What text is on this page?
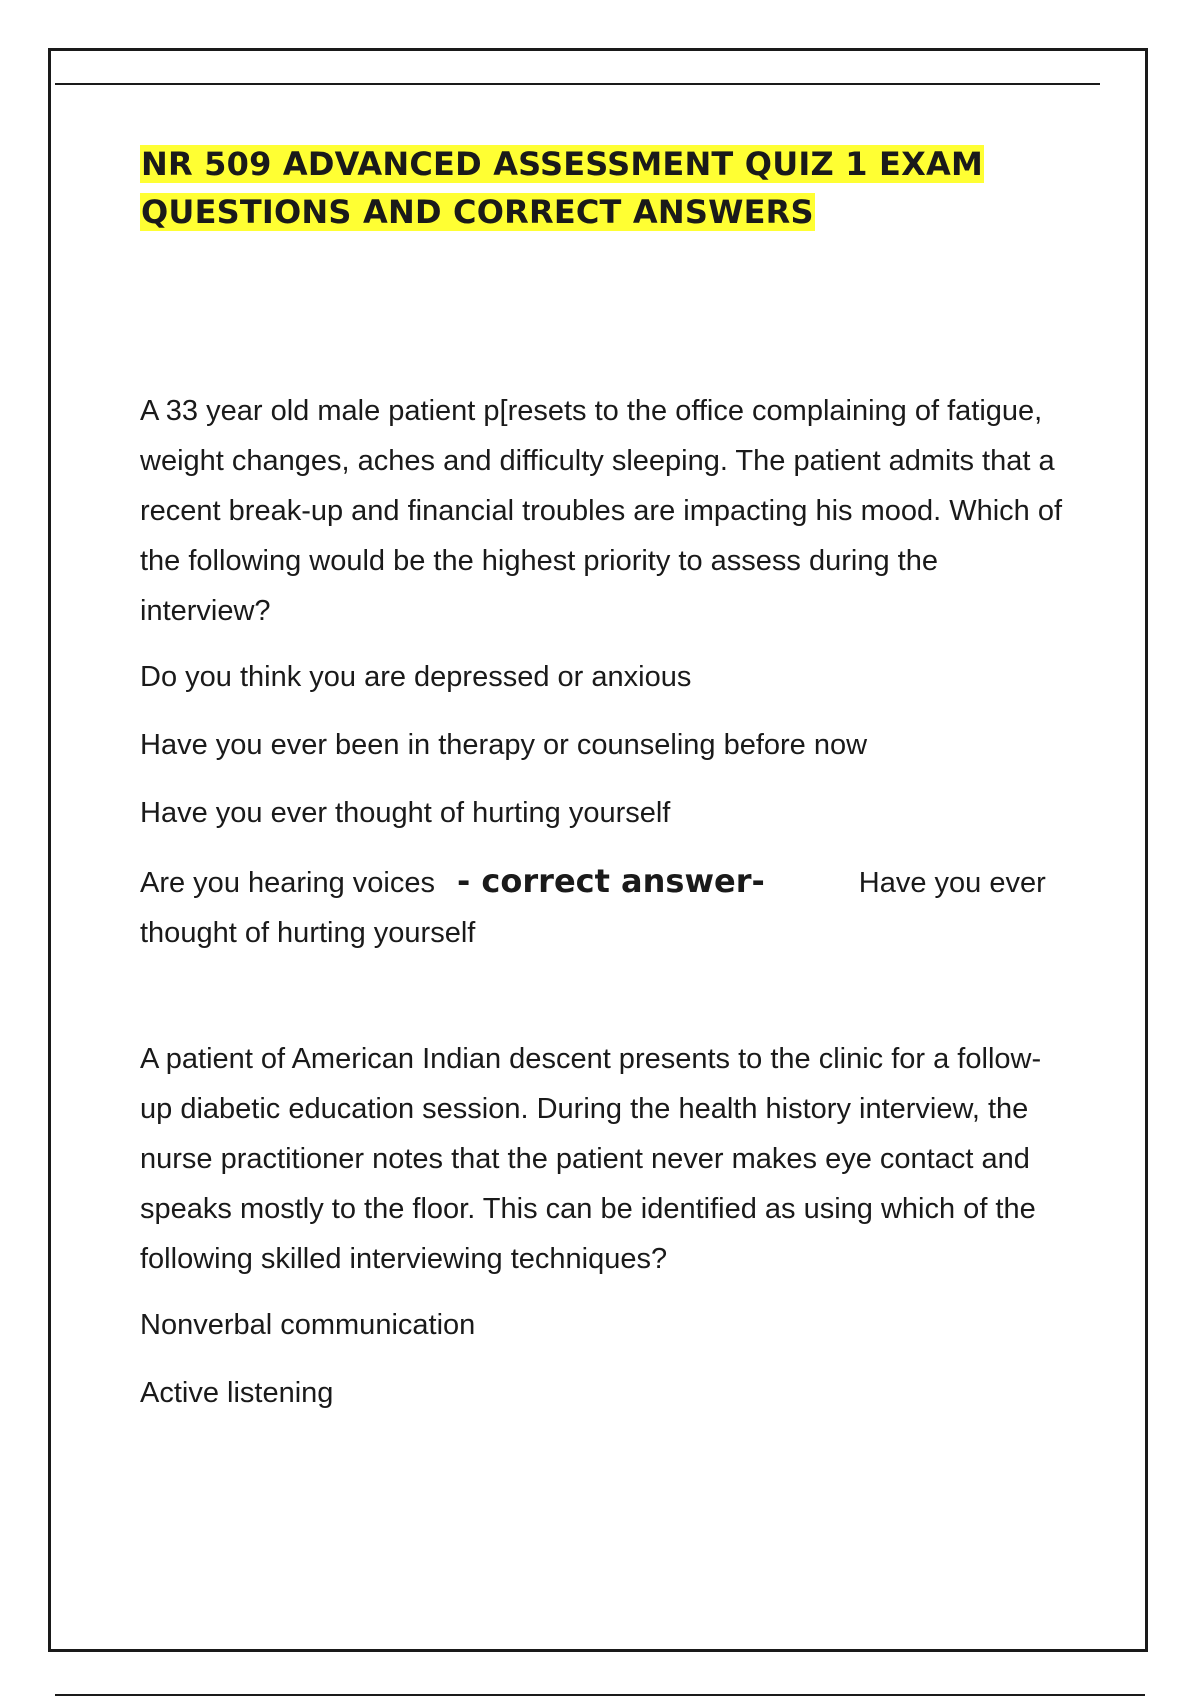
NR 509 ADVANCED ASSESSMENT QUIZ 1 EXAM QUESTIONS AND CORRECT ANSWERS

A 33 year old male patient p[resets to the office complaining of fatigue, weight changes, aches and difficulty sleeping. The patient admits that a recent break-up and financial troubles are impacting his mood. Which of the following would be the highest priority to assess during the interview?

Do you think you are depressed or anxious

Have you ever been in therapy or counseling before now

Have you ever thought of hurting yourself

Are you hearing voices - correct answer-	Have you ever thought of hurting yourself

A patient of American Indian descent presents to the clinic for a follow-up diabetic education session. During the health history interview, the nurse practitioner notes that the patient never makes eye contact and speaks mostly to the floor. This can be identified as using which of the following skilled interviewing techniques?

Nonverbal communication

Active listening
